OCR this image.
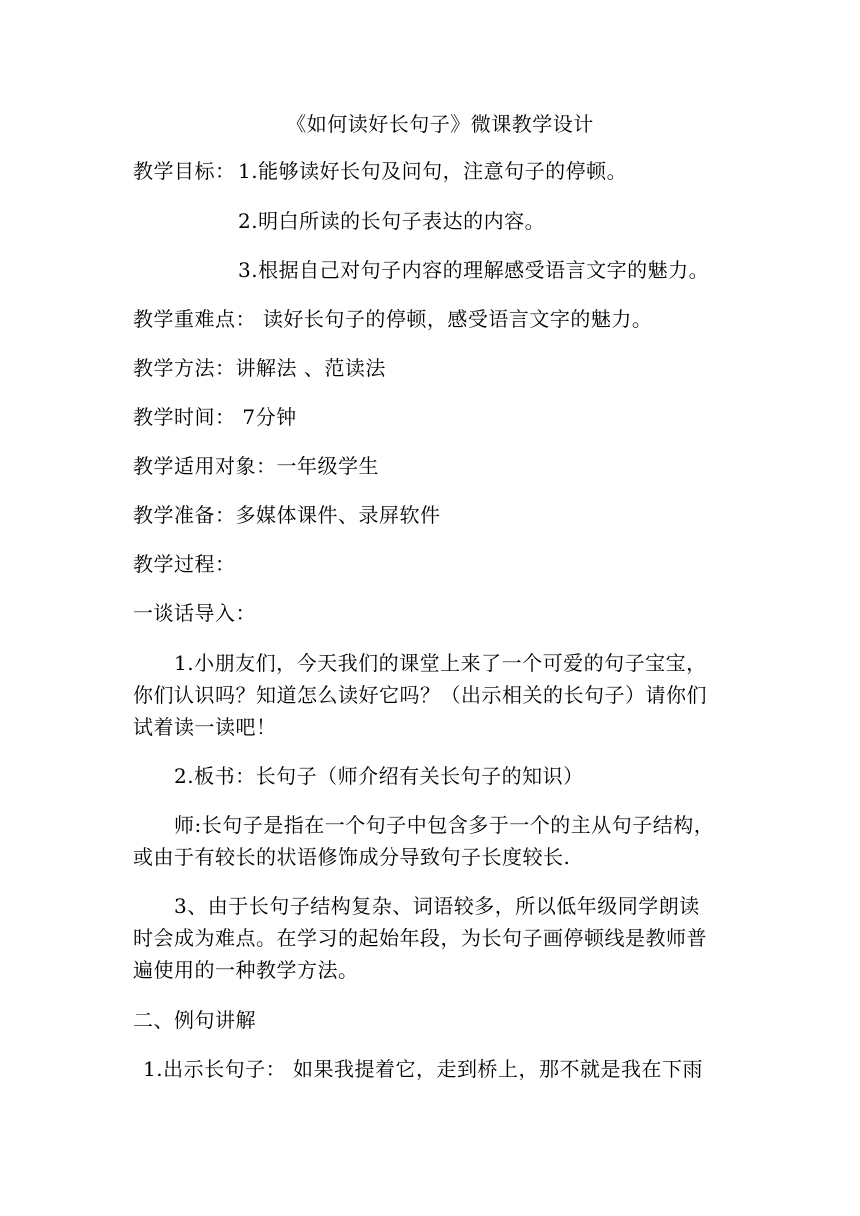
《如何读好长句子》微课教学设计
教学目标： 1.能够读好长句及问句，注意句子的停顿。
2.明白所读的长句子表达的内容。
3.根据自己对句子内容的理解感受语言文字的魅力。
教学重难点： 读好长句子的停顿，感受语言文字的魅力。
教学方法：讲解法 、范读法
教学时间： 7分钟
教学适用对象：一年级学生
教学准备：多媒体课件、录屏软件
教学过程：
一谈话导入：
1.小朋友们，今天我们的课堂上来了一个可爱的句子宝宝，
你们认识吗？知道怎么读好它吗？（出示相关的长句子）请你们
试着读一读吧！
2.板书：长句子（师介绍有关长句子的知识）
师:长句子是指在一个句子中包含多于一个的主从句子结构，
或由于有较长的状语修饰成分导致句子长度较长.
3、由于长句子结构复杂、词语较多，所以低年级同学朗读
时会成为难点。在学习的起始年段，为长句子画停顿线是教师普
遍使用的一种教学方法。
二、例句讲解
1.出示长句子： 如果我提着它，走到桥上，那不就是我在下雨
